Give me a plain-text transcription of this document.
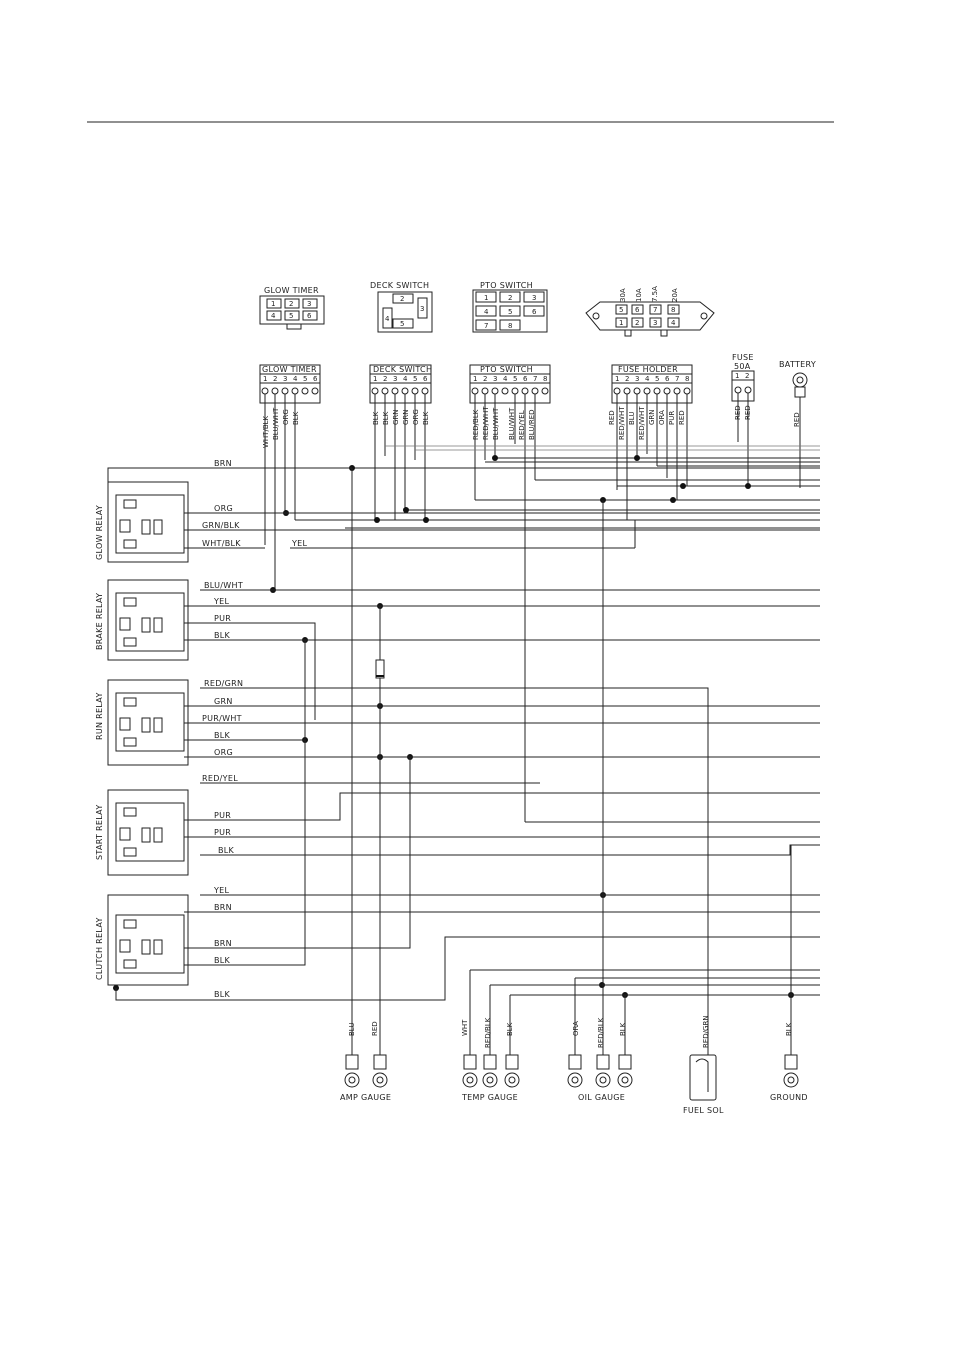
GLOW TIMER
1 2 3
4 5 6
DECK SWITCH
2
3
4
5
PTO SWITCH
1	2	3
4	5	6
7	8
30A 10A 7.5A 20A
5 6 7 8
1 2 3 4
GLOW TIMER
1 2 3 4 5 6
WHT/BLK BLU/WHT ORG BLK
DECK SWITCH
1 2 3 4 5 6
BLK BLK GRN GRN ORG BLK
PTO SWITCH
1 2 3 4 5 6 7 8
RED/BLK RED/WHT BLU/WHT BLU/WHT RED/YEL BLU/RED
FUSE HOLDER
1 2 3 4 5 6 7 8
RED RED/WHT BLU RED/WHT GRN ORA PUR RED
FUSE
50A
1 2
RED RED
BATTERY
RED
GLOW RELAY
BRN
ORG
GRN/BLK
WHT/BLK	YEL
BRAKE RELAY
BLU/WHT
YEL
PUR
BLK
RUN RELAY
RED/GRN
GRN
PUR/WHT
BLK
ORG
START RELAY
RED/YEL
PUR
PUR
BLK
CLUTCH RELAY
YEL
BRN
BRN
BLK
BLK
BLU RED
AMP GAUGE
WHT RED/BLK BLK
TEMP GAUGE
ORA RED/BLK BLK
OIL GAUGE
RED/GRN
FUEL SOL
BLK
GROUND
